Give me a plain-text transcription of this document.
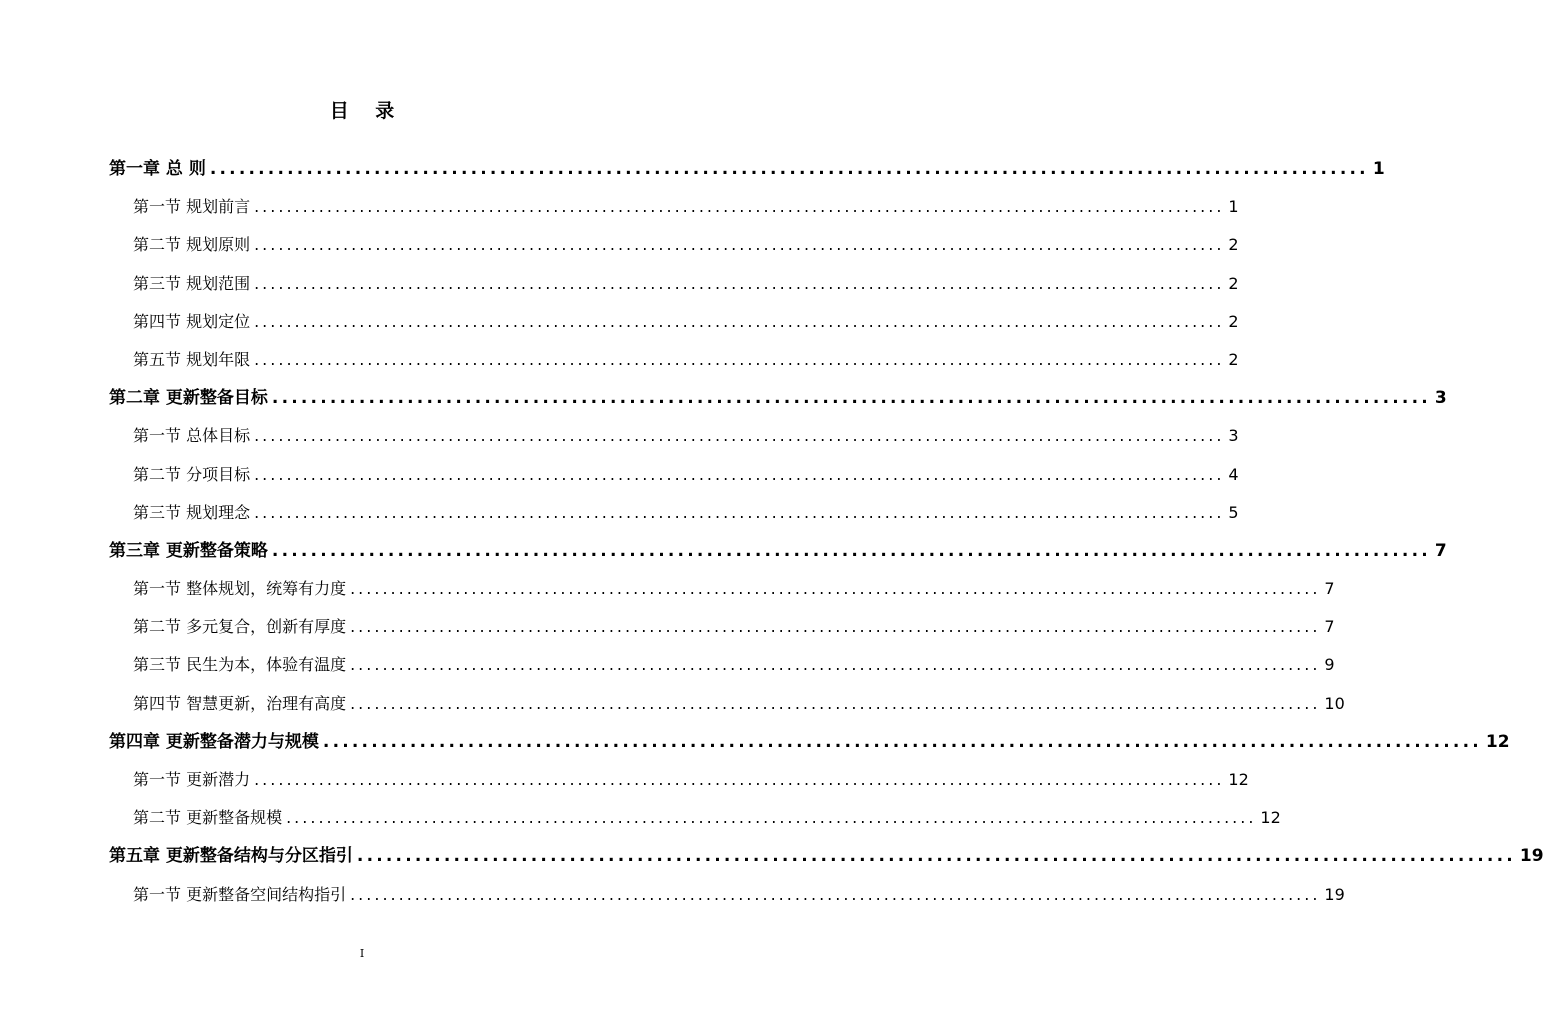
目 录
第一章 总 则 ........................................................................................................................ 1
第一节 规划前言 ........................................................................................................................ 1
第二节 规划原则 ........................................................................................................................ 2
第三节 规划范围 ........................................................................................................................ 2
第四节 规划定位 ........................................................................................................................ 2
第五节 规划年限 ........................................................................................................................ 2
第二章 更新整备目标 ........................................................................................................................ 3
第一节 总体目标 ........................................................................................................................ 3
第二节 分项目标 ........................................................................................................................ 4
第三节 规划理念 ........................................................................................................................ 5
第三章 更新整备策略 ........................................................................................................................ 7
第一节 整体规划，统筹有力度 ........................................................................................................................ 7
第二节 多元复合，创新有厚度 ........................................................................................................................ 7
第三节 民生为本，体验有温度 ........................................................................................................................ 9
第四节 智慧更新，治理有高度 ........................................................................................................................ 10
第四章 更新整备潜力与规模 ........................................................................................................................ 12
第一节 更新潜力 ........................................................................................................................ 12
第二节 更新整备规模 ........................................................................................................................ 12
第五章 更新整备结构与分区指引 ........................................................................................................................ 19
第一节 更新整备空间结构指引 ........................................................................................................................ 19
I
